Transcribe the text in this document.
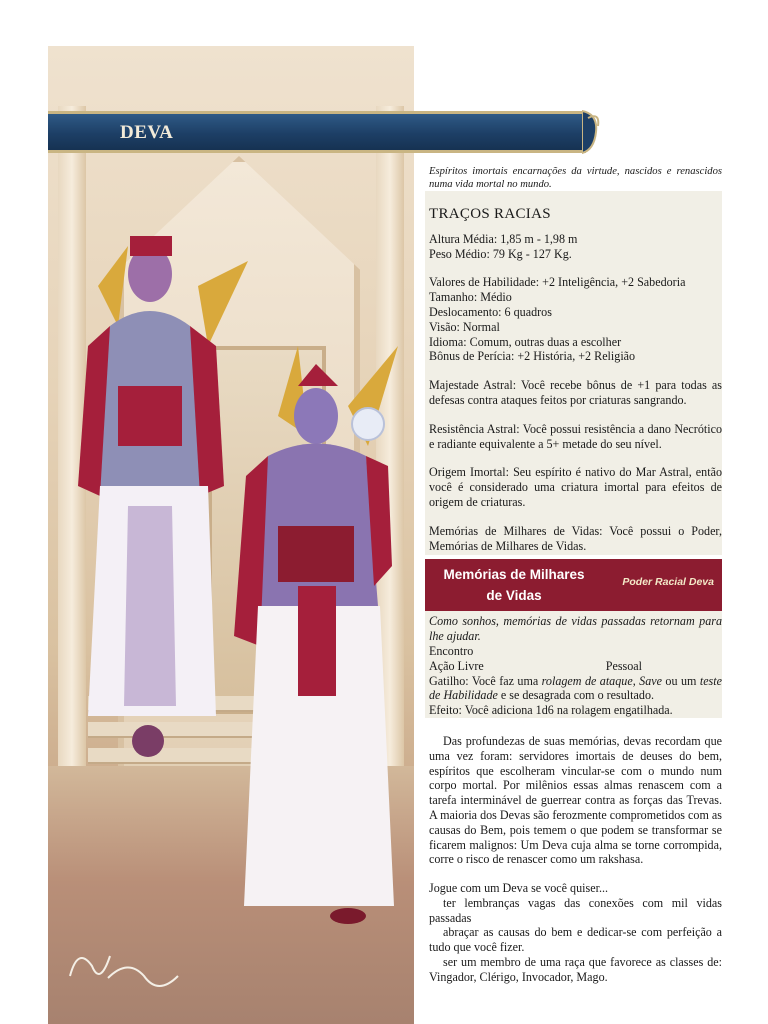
DEVA

Espíritos imortais encarnações da virtude, nascidos e renascidos numa vida mortal no mundo.

TRAÇOS RACIAS

Altura Média: 1,85 m - 1,98 m

Peso Médio: 79 Kg - 127 Kg.

Valores de Habilidade: +2 Inteligência, +2 Sabedoria

Tamanho: Médio

Deslocamento: 6 quadros

Visão: Normal

Idioma: Comum, outras duas a escolher

Bônus de Perícia: +2 História, +2 Religião

Majestade Astral: Você recebe bônus de +1 para todas as defesas contra ataques feitos por criaturas sangrando.

Resistência Astral: Você possui resistência a dano Necrótico e radiante equivalente a 5+ metade do seu nível.

Origem Imortal: Seu espírito é nativo do Mar Astral, então você é considerado uma criatura imortal para efeitos de origem de criaturas.

Memórias de Milhares de Vidas: Você possui o Poder, Memórias de Milhares de Vidas.

Memórias de Milhares
de Vidas
Poder Racial Deva

Como sonhos, memórias de vidas passadas retornam para lhe ajudar.

Encontro

Ação Livre	Pessoal

Gatilho: Você faz uma rolagem de ataque, Save ou um teste de Habilidade e se desagrada com o resultado.

Efeito: Você adiciona 1d6 na rolagem engatilhada.

Das profundezas de suas memórias, devas recordam que uma vez foram: servidores imortais de deuses do bem, espíritos que escolheram vincular-se com o mundo num corpo mortal. Por milênios essas almas renascem com a tarefa interminável de guerrear contra as forças das Trevas. A maioria dos Devas são ferozmente comprometidos com as causas do Bem, pois temem o que podem se transformar se ficarem malignos: Um Deva cuja alma se torne corrompida, corre o risco de renascer como um rakshasa.

Jogue com um Deva se você quiser...

ter lembranças vagas das conexões com mil vidas passadas

abraçar as causas do bem e dedicar-se com perfeição a tudo que você fizer.

ser um membro de uma raça que favorece as classes de: Vingador, Clérigo, Invocador, Mago.
